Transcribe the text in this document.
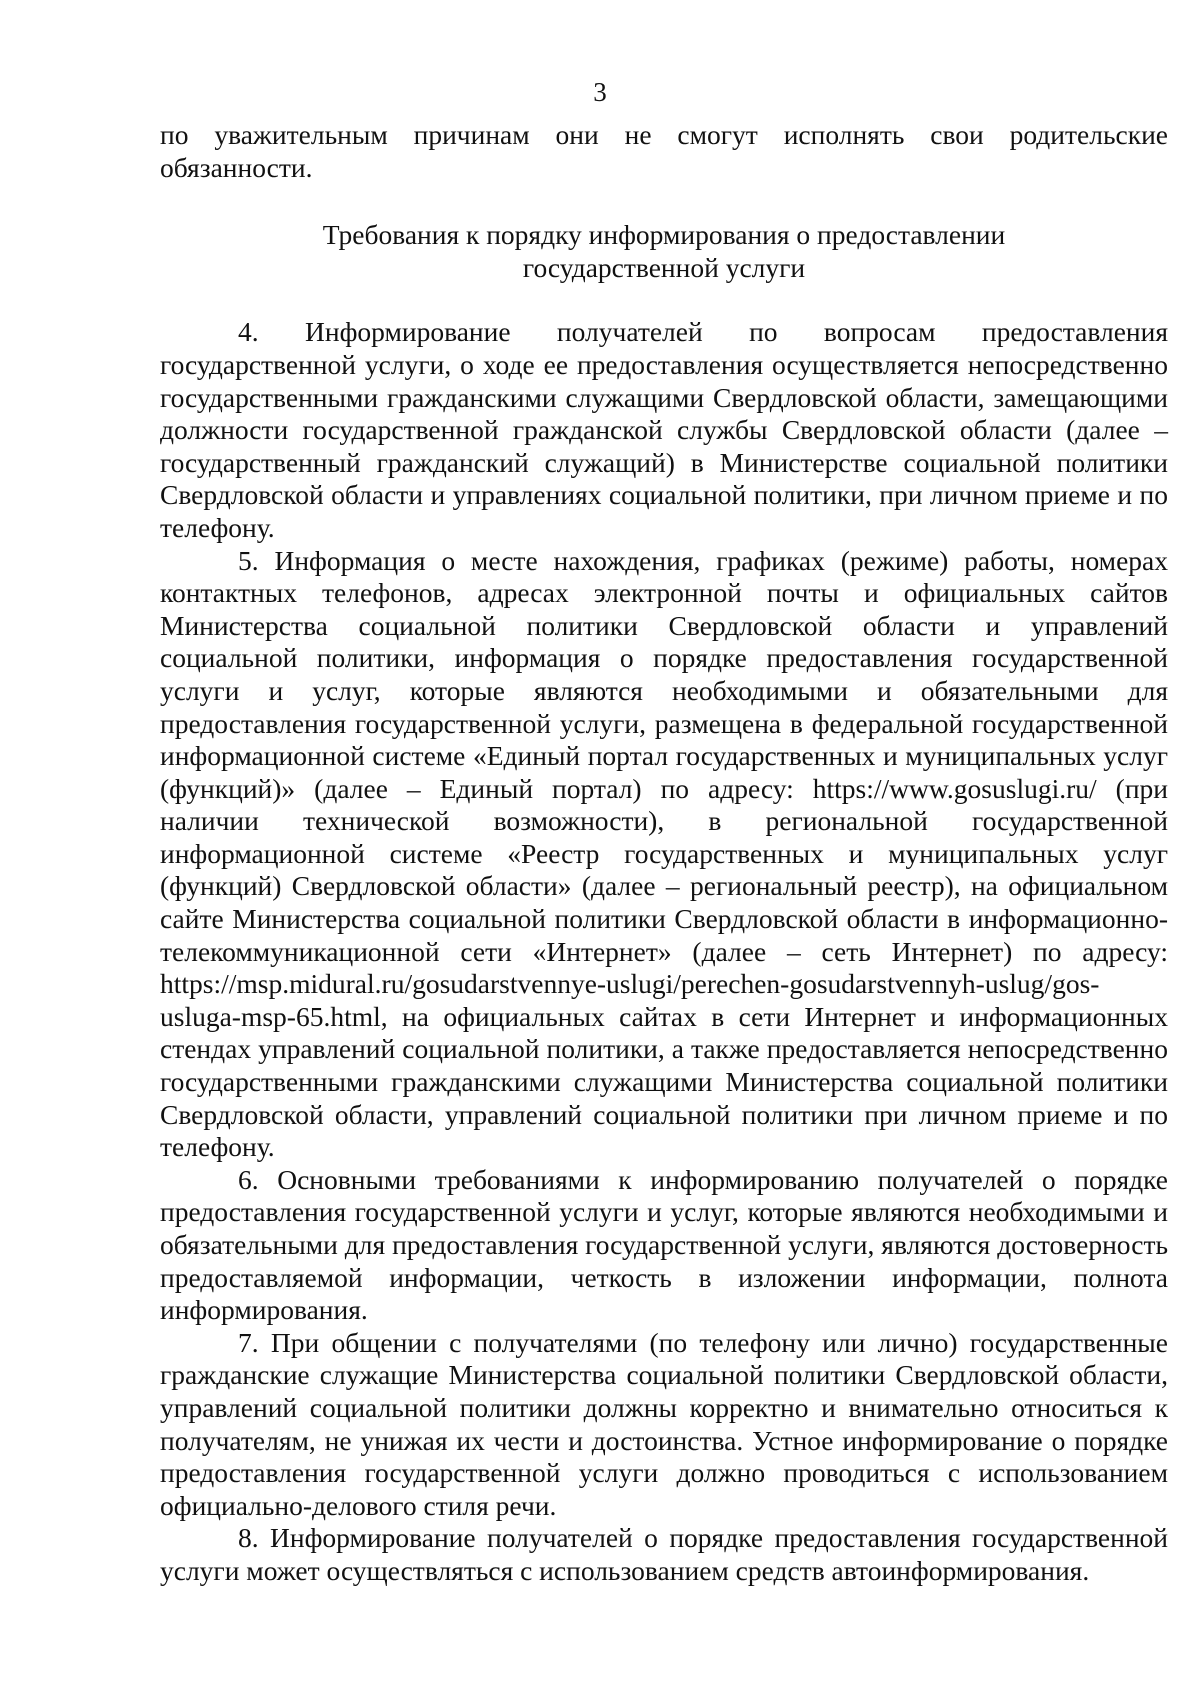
3

по уважительным причинам они не смогут исполнять свои родительские обязанности.

Требования к порядку информирования о предоставлении
государственной услуги

4. Информирование получателей по вопросам предоставления государственной услуги, о ходе ее предоставления осуществляется непосредственно государственными гражданскими служащими Свердловской области, замещающими должности государственной гражданской службы Свердловской области (далее – государственный гражданский служащий) в Министерстве социальной политики Свердловской области и управлениях социальной политики, при личном приеме и по телефону.

5. Информация о месте нахождения, графиках (режиме) работы, номерах контактных телефонов, адресах электронной почты и официальных сайтов Министерства социальной политики Свердловской области и управлений социальной политики, информация о порядке предоставления государственной услуги и услуг, которые являются необходимыми и обязательными для предоставления государственной услуги, размещена в федеральной государственной информационной системе «Единый портал государственных и муниципальных услуг (функций)» (далее – Единый портал) по адресу: https://www.gosuslugi.ru/ (при наличии технической возможности), в региональной государственной информационной системе «Реестр государственных и муниципальных услуг (функций) Свердловской области» (далее – региональный реестр), на официальном сайте Министерства социальной политики Свердловской области в информационно-телекоммуникационной сети «Интернет» (далее – сеть Интернет) по адресу: https://msp.midural.ru/gosudarstvennye-uslugi/perechen-gosudarstvennyh-uslug/gos-usluga-msp-65.html, на официальных сайтах в сети Интернет и информационных стендах управлений социальной политики, а также предоставляется непосредственно государственными гражданскими служащими Министерства социальной политики Свердловской области, управлений социальной политики при личном приеме и по телефону.

6. Основными требованиями к информированию получателей о порядке предоставления государственной услуги и услуг, которые являются необходимыми и обязательными для предоставления государственной услуги, являются достоверность предоставляемой информации, четкость в изложении информации, полнота информирования.

7. При общении с получателями (по телефону или лично) государственные гражданские служащие Министерства социальной политики Свердловской области, управлений социальной политики должны корректно и внимательно относиться к получателям, не унижая их чести и достоинства. Устное информирование о порядке предоставления государственной услуги должно проводиться с использованием официально-делового стиля речи.

8. Информирование получателей о порядке предоставления государственной услуги может осуществляться с использованием средств автоинформирования.
